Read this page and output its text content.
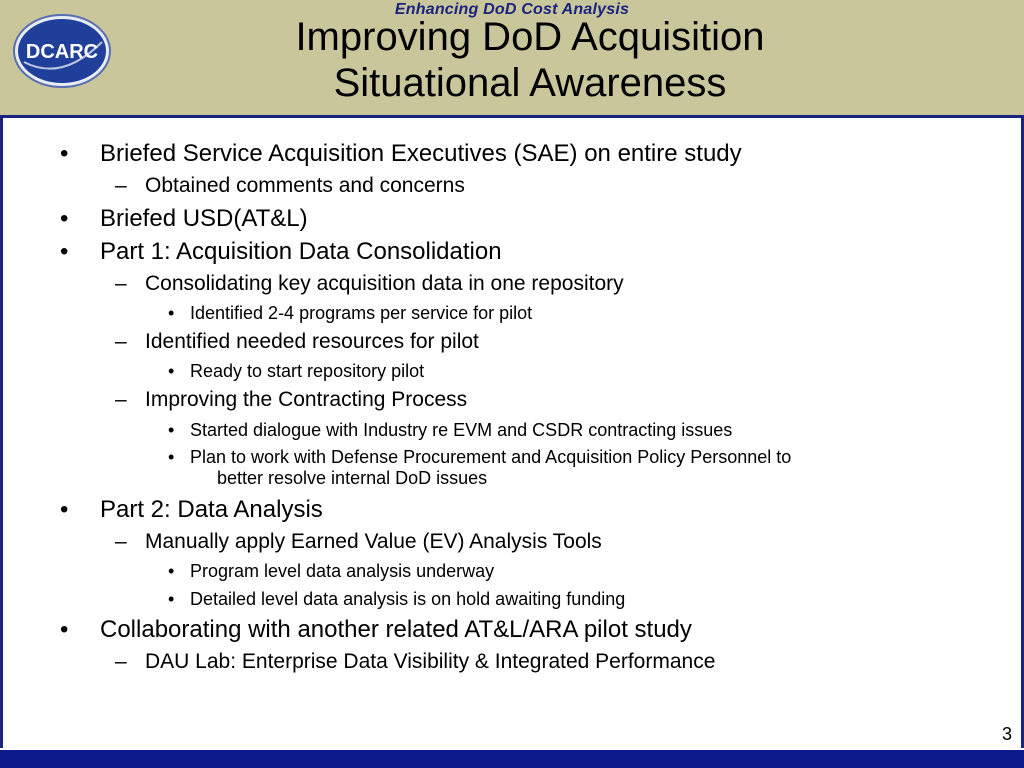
Enhancing DoD Cost Analysis
DCARC	Improving DoD Acquisition
Situational Awareness
• Briefed Service Acquisition Executives (SAE) on entire study
– Obtained comments and concerns
• Briefed USD(AT&L)
• Part 1: Acquisition Data Consolidation
– Consolidating key acquisition data in one repository
• Identified 2-4 programs per service for pilot
– Identified needed resources for pilot
• Ready to start repository pilot
– Improving the Contracting Process
• Started dialogue with Industry re EVM and CSDR contracting issues
• Plan to work with Defense Procurement and Acquisition Policy Personnel to
better resolve internal DoD issues
• Part 2: Data Analysis
– Manually apply Earned Value (EV) Analysis Tools
• Program level data analysis underway
• Detailed level data analysis is on hold awaiting funding
• Collaborating with another related AT&L/ARA pilot study
– DAU Lab: Enterprise Data Visibility & Integrated Performance
3
